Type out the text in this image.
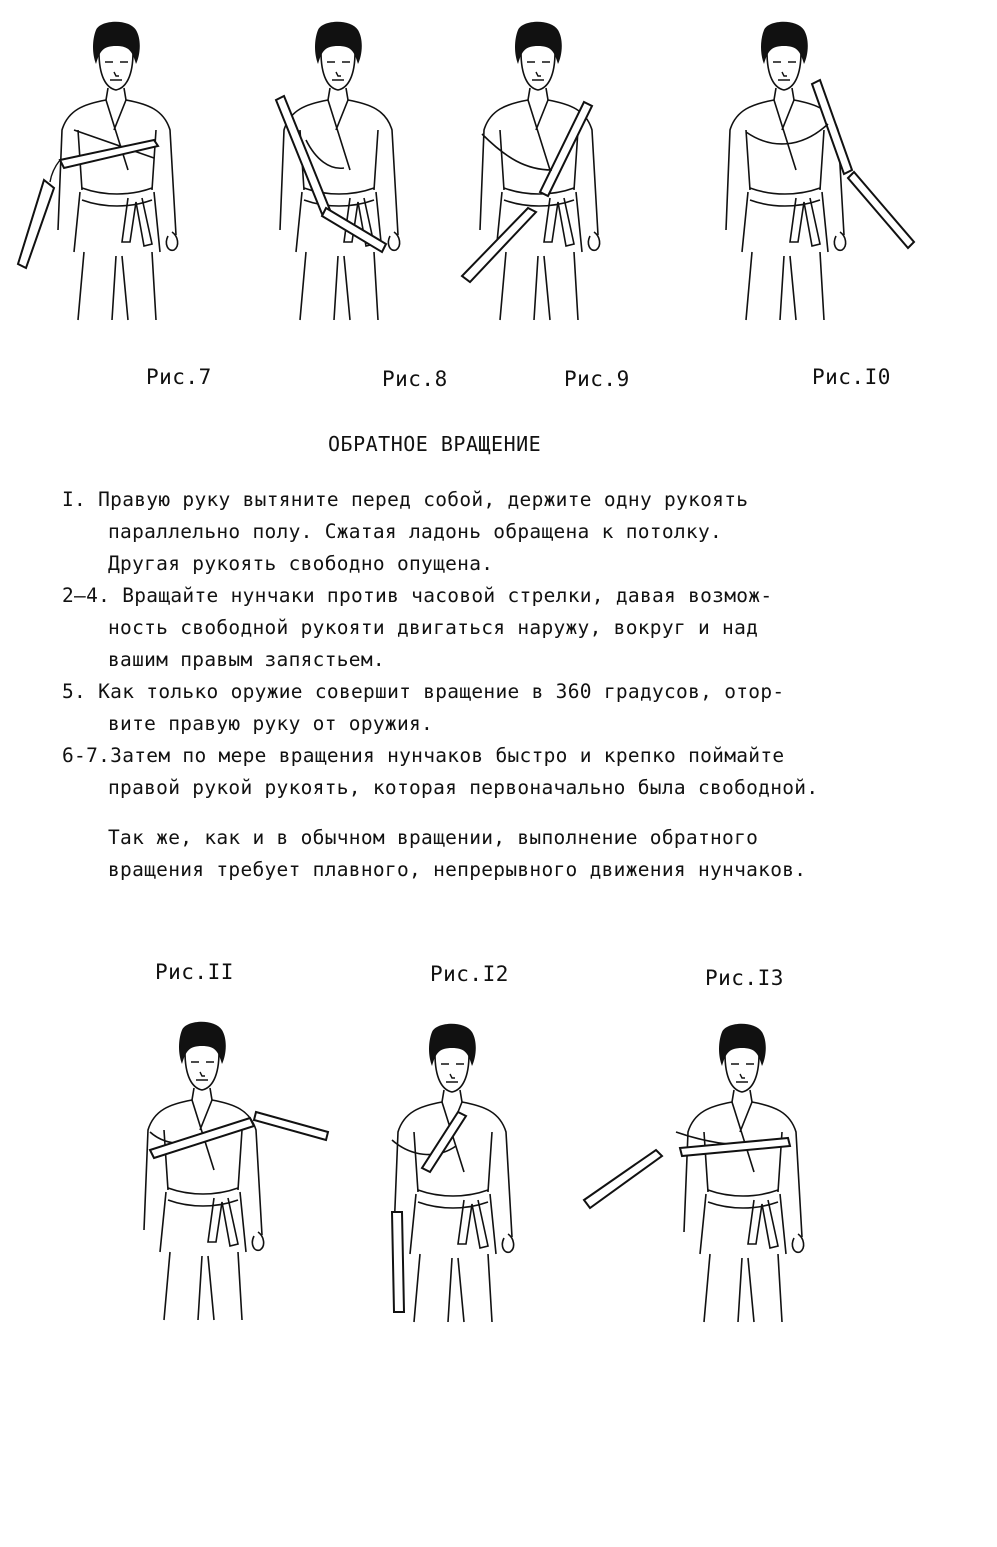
Рис.7	Рис.8	Рис.9	Рис.I0
ОБРАТНОЕ ВРАЩЕНИЕ
I. Правую руку вытяните перед собой, держите одну рукоять
параллельно полу. Сжатая ладонь обращена к потолку.
Другая рукоять свободно опущена.
2—4. Вращайте нунчаки против часовой стрелки, давая возмож-
ность свободной рукояти двигаться наружу, вокруг и над
вашим правым запястьем.
5. Как только оружие совершит вращение в 360 градусов, отор-
вите правую руку от оружия.
6-7.Затем по мере вращения нунчаков быстро и крепко поймайте
правой рукой рукоять, которая первоначально была свободной.
Так же, как и в обычном вращении, выполнение обратного
вращения требует плавного, непрерывного движения нунчаков.
Рис.II	Рис.I2	Рис.I3
